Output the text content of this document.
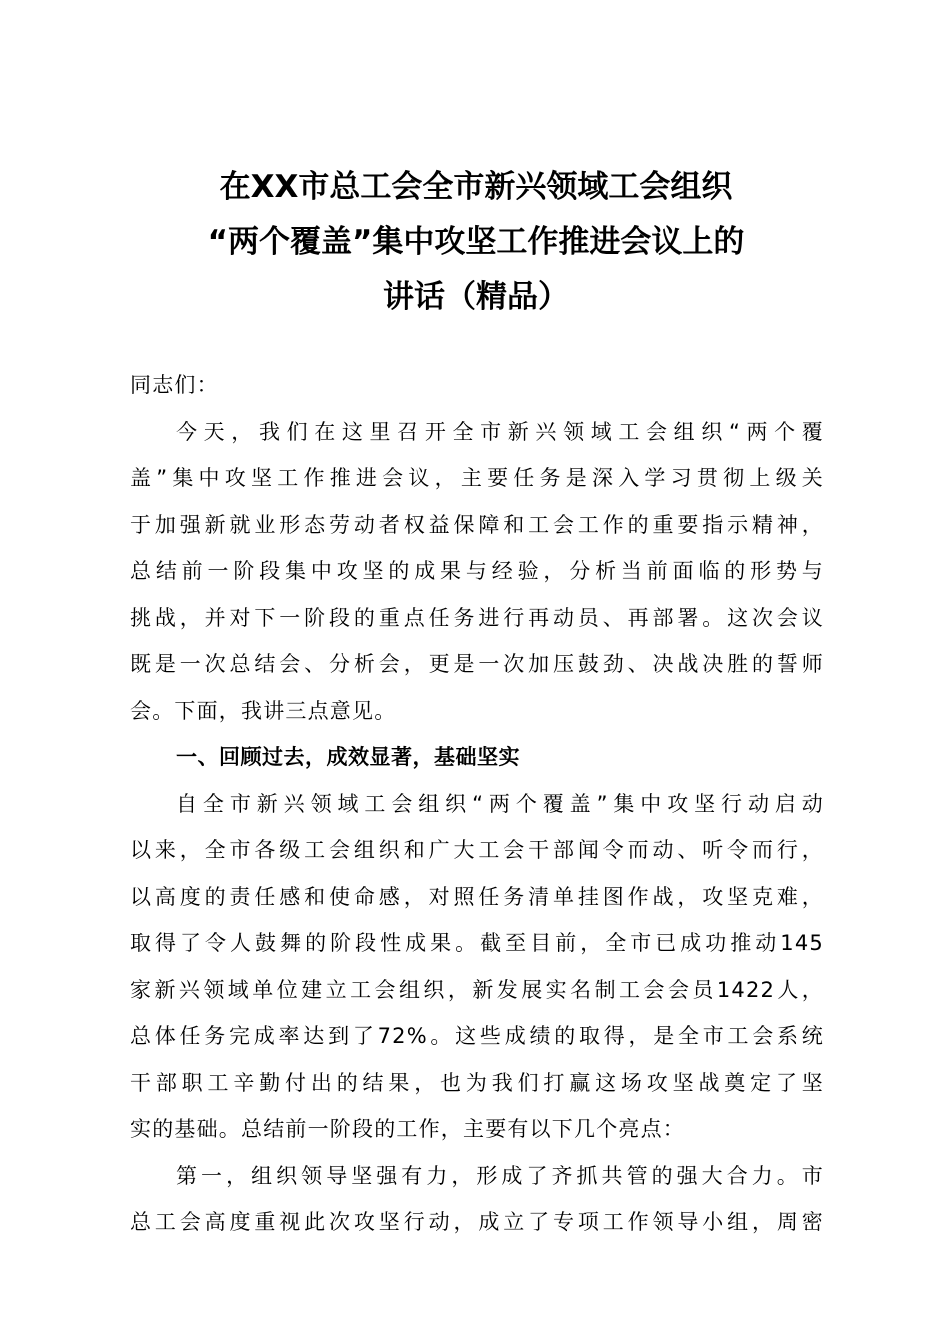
在XX市总工会全市新兴领域工会组织
“两个覆盖”集中攻坚工作推进会议上的
讲话（精品）
同志们：
今天，我们在这里召开全市新兴领域工会组织“两个覆
盖”集中攻坚工作推进会议，主要任务是深入学习贯彻上级关
于加强新就业形态劳动者权益保障和工会工作的重要指示精神，
总结前一阶段集中攻坚的成果与经验，分析当前面临的形势与
挑战，并对下一阶段的重点任务进行再动员、再部署。这次会议
既是一次总结会、分析会，更是一次加压鼓劲、决战决胜的誓师
会。下面，我讲三点意见。
一、回顾过去，成效显著，基础坚实
自全市新兴领域工会组织“两个覆盖”集中攻坚行动启动
以来，全市各级工会组织和广大工会干部闻令而动、听令而行，
以高度的责任感和使命感，对照任务清单挂图作战，攻坚克难，
取得了令人鼓舞的阶段性成果。截至目前，全市已成功推动145
家新兴领域单位建立工会组织，新发展实名制工会会员1422人，
总体任务完成率达到了72%。这些成绩的取得，是全市工会系统
干部职工辛勤付出的结果，也为我们打赢这场攻坚战奠定了坚
实的基础。总结前一阶段的工作，主要有以下几个亮点：
第一，组织领导坚强有力，形成了齐抓共管的强大合力。市
总工会高度重视此次攻坚行动，成立了专项工作领导小组，周密
